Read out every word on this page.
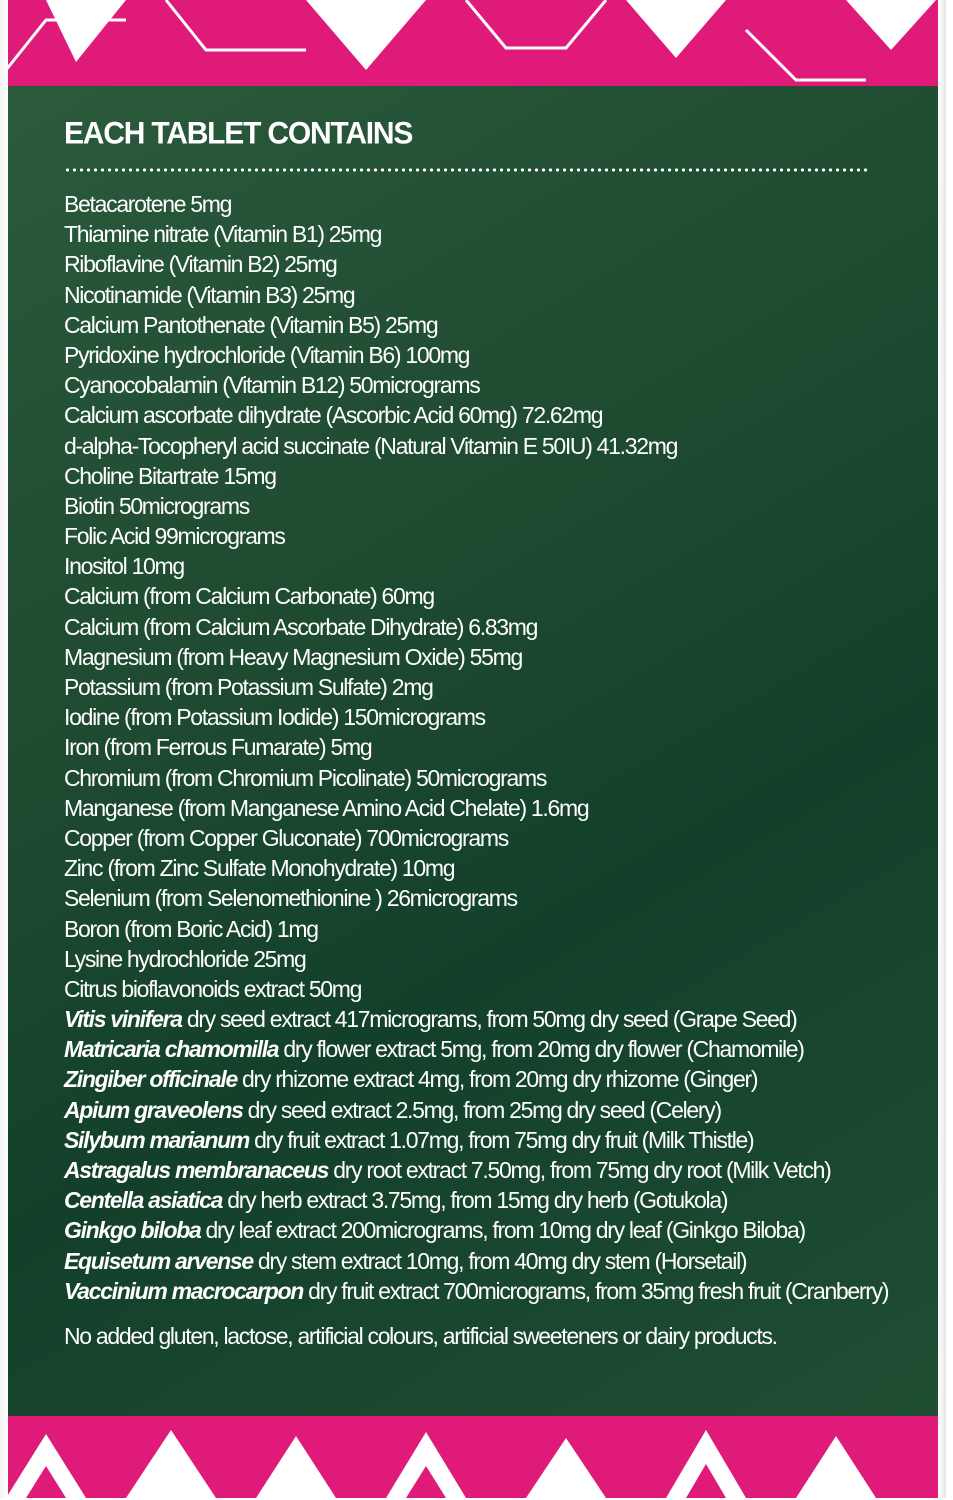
EACH TABLET CONTAINS
Betacarotene 5mg
Thiamine nitrate (Vitamin B1) 25mg
Riboflavine (Vitamin B2) 25mg
Nicotinamide (Vitamin B3) 25mg
Calcium Pantothenate (Vitamin B5) 25mg
Pyridoxine hydrochloride (Vitamin B6) 100mg
Cyanocobalamin (Vitamin B12) 50micrograms
Calcium ascorbate dihydrate (Ascorbic Acid 60mg) 72.62mg
d-alpha-Tocopheryl acid succinate (Natural Vitamin E 50IU) 41.32mg
Choline Bitartrate 15mg
Biotin 50micrograms
Folic Acid 99micrograms
Inositol 10mg
Calcium (from Calcium Carbonate) 60mg
Calcium (from Calcium Ascorbate Dihydrate) 6.83mg
Magnesium (from Heavy Magnesium Oxide) 55mg
Potassium (from Potassium Sulfate) 2mg
Iodine (from Potassium Iodide) 150micrograms
Iron (from Ferrous Fumarate) 5mg
Chromium (from Chromium Picolinate) 50micrograms
Manganese (from Manganese Amino Acid Chelate) 1.6mg
Copper (from Copper Gluconate) 700micrograms
Zinc (from Zinc Sulfate Monohydrate) 10mg
Selenium (from Selenomethionine ) 26micrograms
Boron (from Boric Acid) 1mg
Lysine hydrochloride 25mg
Citrus bioflavonoids extract 50mg
Vitis vinifera dry seed extract 417micrograms, from 50mg dry seed (Grape Seed)
Matricaria chamomilla dry flower extract 5mg, from 20mg dry flower (Chamomile)
Zingiber officinale dry rhizome extract 4mg, from 20mg dry rhizome (Ginger)
Apium graveolens dry seed extract 2.5mg, from 25mg dry seed (Celery)
Silybum marianum dry fruit extract 1.07mg, from 75mg dry fruit (Milk Thistle)
Astragalus membranaceus dry root extract 7.50mg, from 75mg dry root (Milk Vetch)
Centella asiatica dry herb extract 3.75mg, from 15mg dry herb (Gotukola)
Ginkgo biloba dry leaf extract 200micrograms, from 10mg dry leaf (Ginkgo Biloba)
Equisetum arvense dry stem extract 10mg, from 40mg dry stem (Horsetail)
Vaccinium macrocarpon dry fruit extract 700micrograms, from 35mg fresh fruit (Cranberry)
No added gluten, lactose, artificial colours, artificial sweeteners or dairy products.
